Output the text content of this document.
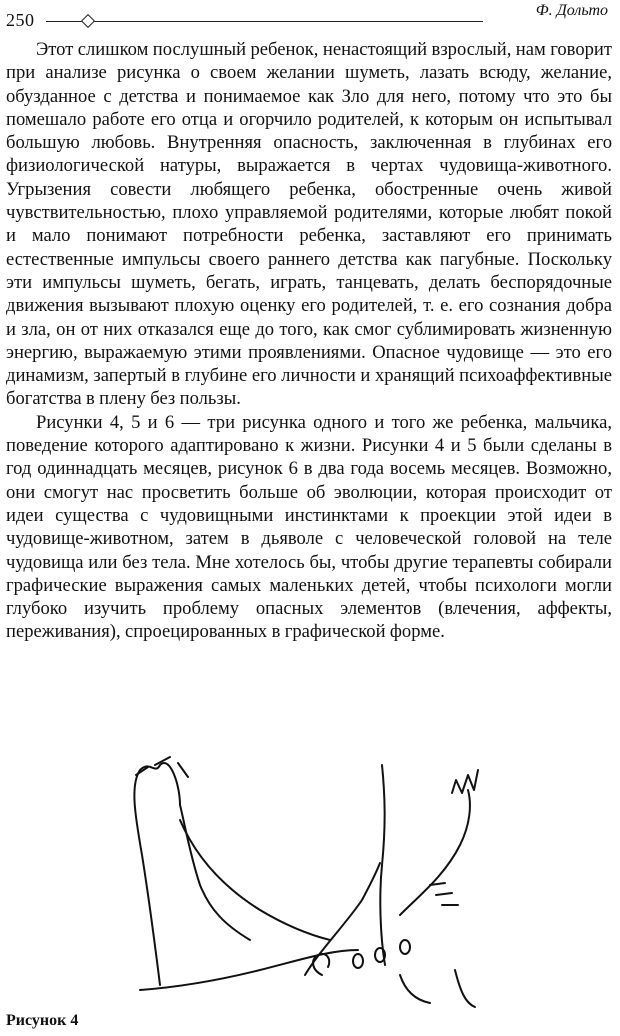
250	Ф. Дольто

Этот слишком послушный ребенок, ненастоящий взрослый, нам говорит при анализе рисунка о своем желании шуметь, лазать всюду, желание, обузданное с детства и понимаемое как Зло для него, потому что это бы помешало работе его отца и огорчило родителей, к которым он испытывал большую любовь. Внутренняя опасность, заключенная в глубинах его физиологической натуры, выражается в чертах чудовища-животного. Угрызения совести любящего ребенка, обостренные очень живой чувствительностью, плохо управляемой родителями, которые любят покой и мало понимают потребности ребенка, заставляют его принимать естественные импульсы своего раннего детства как пагубные. Поскольку эти импульсы шуметь, бегать, играть, танцевать, делать беспорядочные движения вызывают плохую оценку его родителей, т. е. его сознания добра и зла, он от них отказался еще до того, как смог сублимировать жизненную энергию, выражаемую этими проявлениями. Опасное чудовище — это его динамизм, запертый в глубине его личности и хранящий психоаффективные богатства в плену без пользы.

Рисунки 4, 5 и 6 — три рисунка одного и того же ребенка, мальчика, поведение которого адаптировано к жизни. Рисунки 4 и 5 были сделаны в год одиннадцать месяцев, рисунок 6 в два года восемь месяцев. Возможно, они смогут нас просветить больше об эволюции, которая происходит от идеи существа с чудовищными инстинктами к проекции этой идеи в чудовище-животном, затем в дьяволе с человеческой головой на теле чудовища или без тела. Мне хотелось бы, чтобы другие терапевты собирали графические выражения самых маленьких детей, чтобы психологи могли глубоко изучить проблему опасных элементов (влечения, аффекты, переживания), спроецированных в графической форме.

Рисунок 4
